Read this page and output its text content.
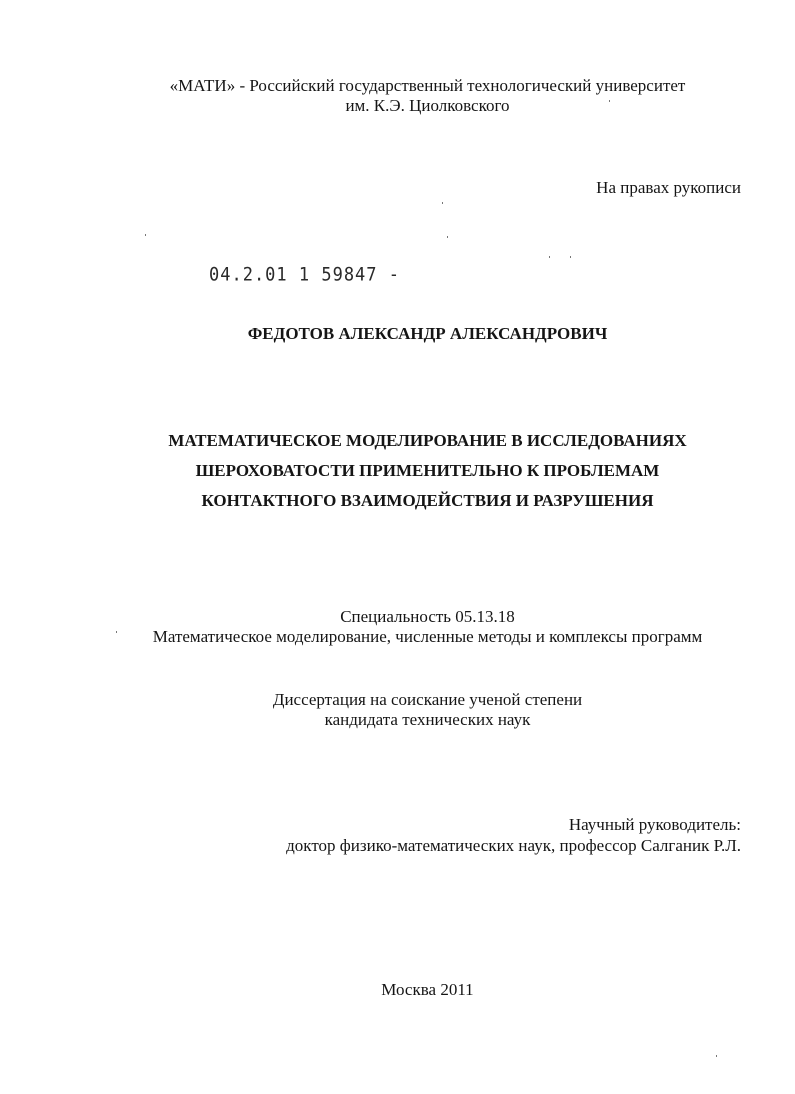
«МАТИ» - Российский государственный технологический университет
им. К.Э. Циолковского
На правах рукописи
04.2.01 1 59847 -
ФЕДОТОВ АЛЕКСАНДР АЛЕКСАНДРОВИЧ
МАТЕМАТИЧЕСКОЕ МОДЕЛИРОВАНИЕ В ИССЛЕДОВАНИЯХ
ШЕРОХОВАТОСТИ ПРИМЕНИТЕЛЬНО К ПРОБЛЕМАМ
КОНТАКТНОГО ВЗАИМОДЕЙСТВИЯ И РАЗРУШЕНИЯ
Специальность 05.13.18
Математическое моделирование, численные методы и комплексы программ
Диссертация на соискание ученой степени
кандидата технических наук
Научный руководитель:
доктор физико-математических наук, профессор Салганик Р.Л.
Москва 2011
